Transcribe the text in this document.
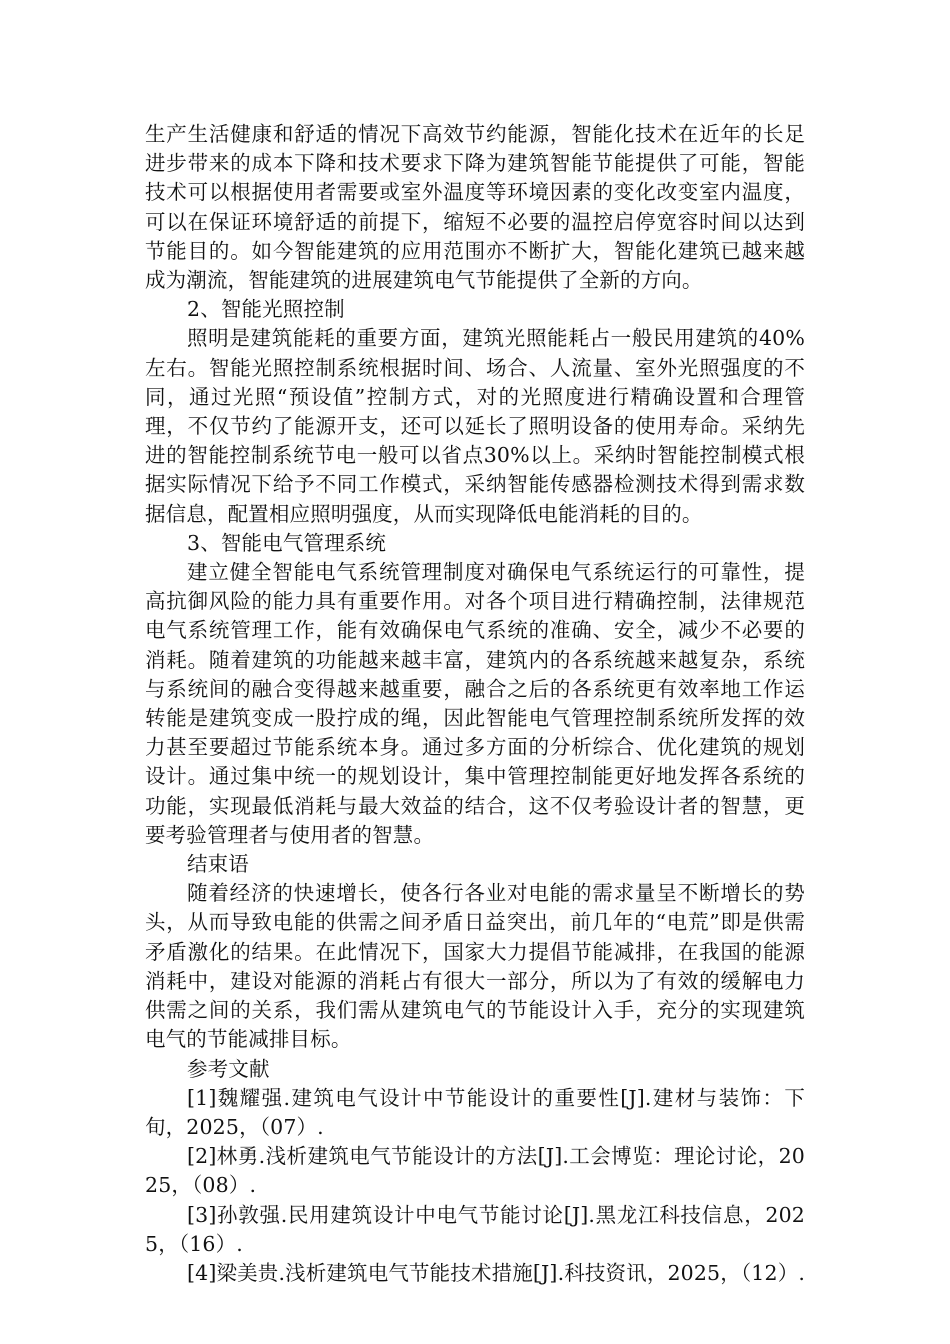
生产生活健康和舒适的情况下高效节约能源，智能化技术在近年的长足进步带来的成本下降和技术要求下降为建筑智能节能提供了可能，智能技术可以根据使用者需要或室外温度等环境因素的变化改变室内温度，可以在保证环境舒适的前提下，缩短不必要的温控启停宽容时间以达到节能目的。如今智能建筑的应用范围亦不断扩大，智能化建筑已越来越成为潮流，智能建筑的进展建筑电气节能提供了全新的方向。

2、智能光照控制

照明是建筑能耗的重要方面，建筑光照能耗占一般民用建筑的40%左右。智能光照控制系统根据时间、场合、人流量、室外光照强度的不同，通过光照“预设值”控制方式，对的光照度进行精确设置和合理管理，不仅节约了能源开支，还可以延长了照明设备的使用寿命。采纳先进的智能控制系统节电一般可以省点30%以上。采纳时智能控制模式根据实际情况下给予不同工作模式，采纳智能传感器检测技术得到需求数据信息，配置相应照明强度，从而实现降低电能消耗的目的。

3、智能电气管理系统

建立健全智能电气系统管理制度对确保电气系统运行的可靠性，提高抗御风险的能力具有重要作用。对各个项目进行精确控制，法律规范电气系统管理工作，能有效确保电气系统的准确、安全，减少不必要的消耗。随着建筑的功能越来越丰富，建筑内的各系统越来越复杂，系统与系统间的融合变得越来越重要，融合之后的各系统更有效率地工作运转能是建筑变成一股拧成的绳，因此智能电气管理控制系统所发挥的效力甚至要超过节能系统本身。通过多方面的分析综合、优化建筑的规划设计。通过集中统一的规划设计，集中管理控制能更好地发挥各系统的功能，实现最低消耗与最大效益的结合，这不仅考验设计者的智慧，更要考验管理者与使用者的智慧。

结束语

随着经济的快速增长，使各行各业对电能的需求量呈不断增长的势头，从而导致电能的供需之间矛盾日益突出，前几年的“电荒”即是供需矛盾激化的结果。在此情况下，国家大力提倡节能减排，在我国的能源消耗中，建设对能源的消耗占有很大一部分，所以为了有效的缓解电力供需之间的关系，我们需从建筑电气的节能设计入手，充分的实现建筑电气的节能减排目标。

参考文献

[1]魏耀强.建筑电气设计中节能设计的重要性[J].建材与装饰：下旬，2025，（07）.

[2]林勇.浅析建筑电气节能设计的方法[J].工会博览：理论讨论，2025，（08）.

[3]孙敦强.民用建筑设计中电气节能讨论[J].黑龙江科技信息，2025，（16）.

[4]梁美贵.浅析建筑电气节能技术措施[J].科技资讯，2025，（12）.
